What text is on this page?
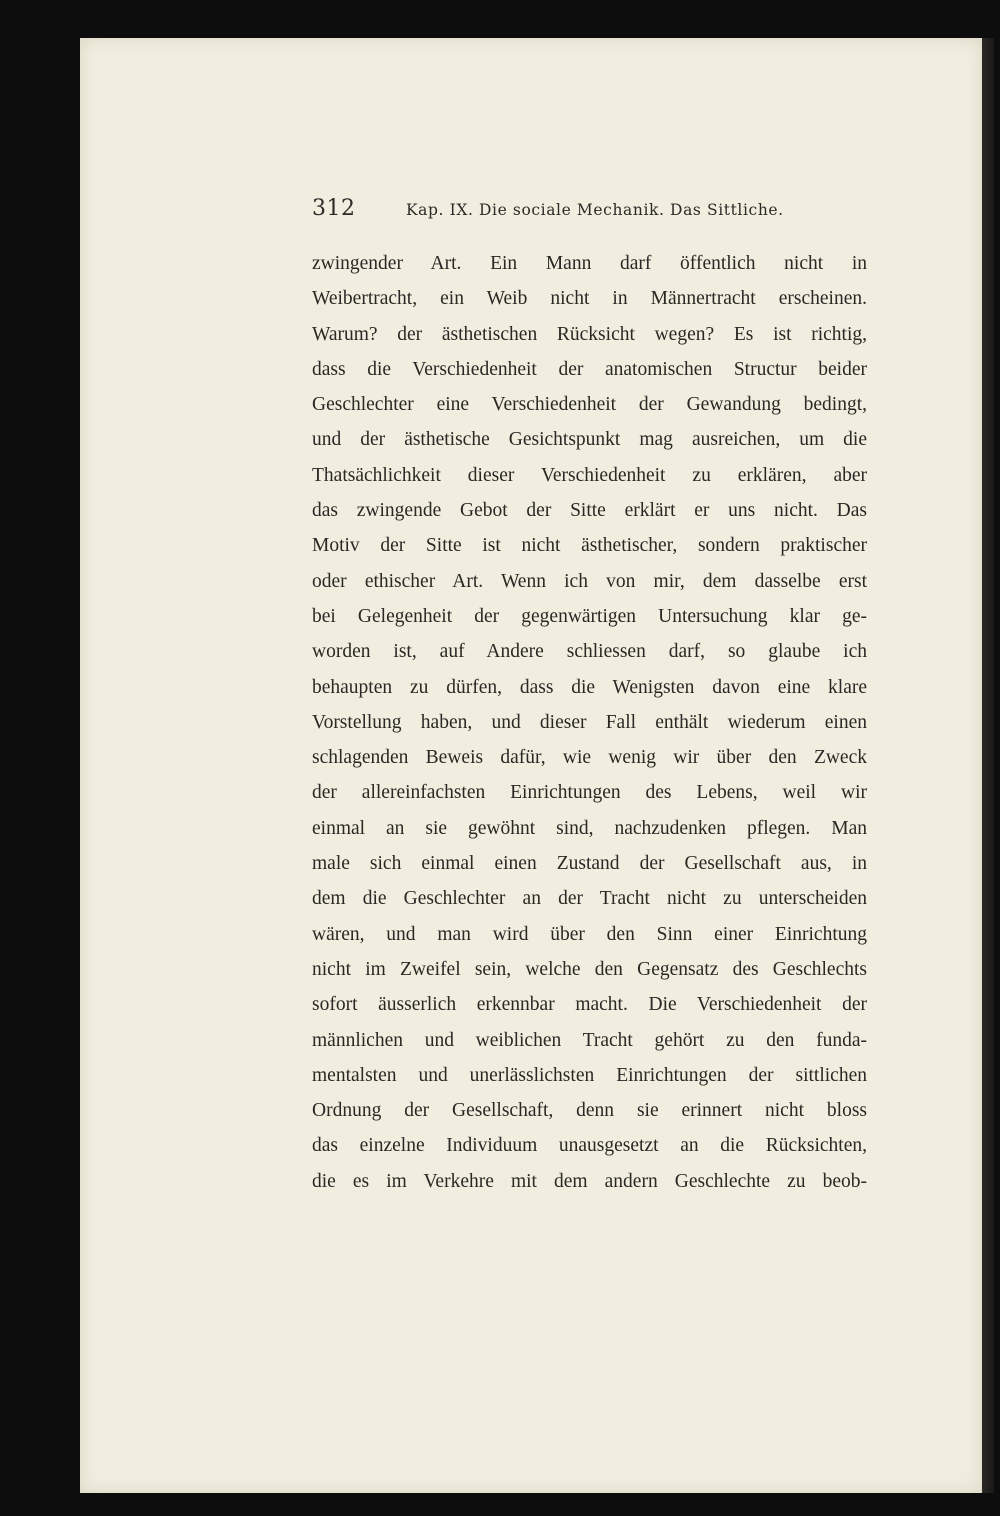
312	Kap. IX. Die sociale Mechanik. Das Sittliche.
zwingender Art. Ein Mann darf öffentlich nicht in
Weibertracht, ein Weib nicht in Männertracht erscheinen.
Warum? der ästhetischen Rücksicht wegen? Es ist richtig,
dass die Verschiedenheit der anatomischen Structur beider
Geschlechter eine Verschiedenheit der Gewandung bedingt,
und der ästhetische Gesichtspunkt mag ausreichen, um die
Thatsächlichkeit dieser Verschiedenheit zu erklären, aber
das zwingende Gebot der Sitte erklärt er uns nicht. Das
Motiv der Sitte ist nicht ästhetischer, sondern praktischer
oder ethischer Art. Wenn ich von mir, dem dasselbe erst
bei Gelegenheit der gegenwärtigen Untersuchung klar ge-
worden ist, auf Andere schliessen darf, so glaube ich
behaupten zu dürfen, dass die Wenigsten davon eine klare
Vorstellung haben, und dieser Fall enthält wiederum einen
schlagenden Beweis dafür, wie wenig wir über den Zweck
der allereinfachsten Einrichtungen des Lebens, weil wir
einmal an sie gewöhnt sind, nachzudenken pflegen. Man
male sich einmal einen Zustand der Gesellschaft aus, in
dem die Geschlechter an der Tracht nicht zu unterscheiden
wären, und man wird über den Sinn einer Einrichtung
nicht im Zweifel sein, welche den Gegensatz des Geschlechts
sofort äusserlich erkennbar macht. Die Verschiedenheit der
männlichen und weiblichen Tracht gehört zu den funda-
mentalsten und unerlässlichsten Einrichtungen der sittlichen
Ordnung der Gesellschaft, denn sie erinnert nicht bloss
das einzelne Individuum unausgesetzt an die Rücksichten,
die es im Verkehre mit dem andern Geschlechte zu beob-
